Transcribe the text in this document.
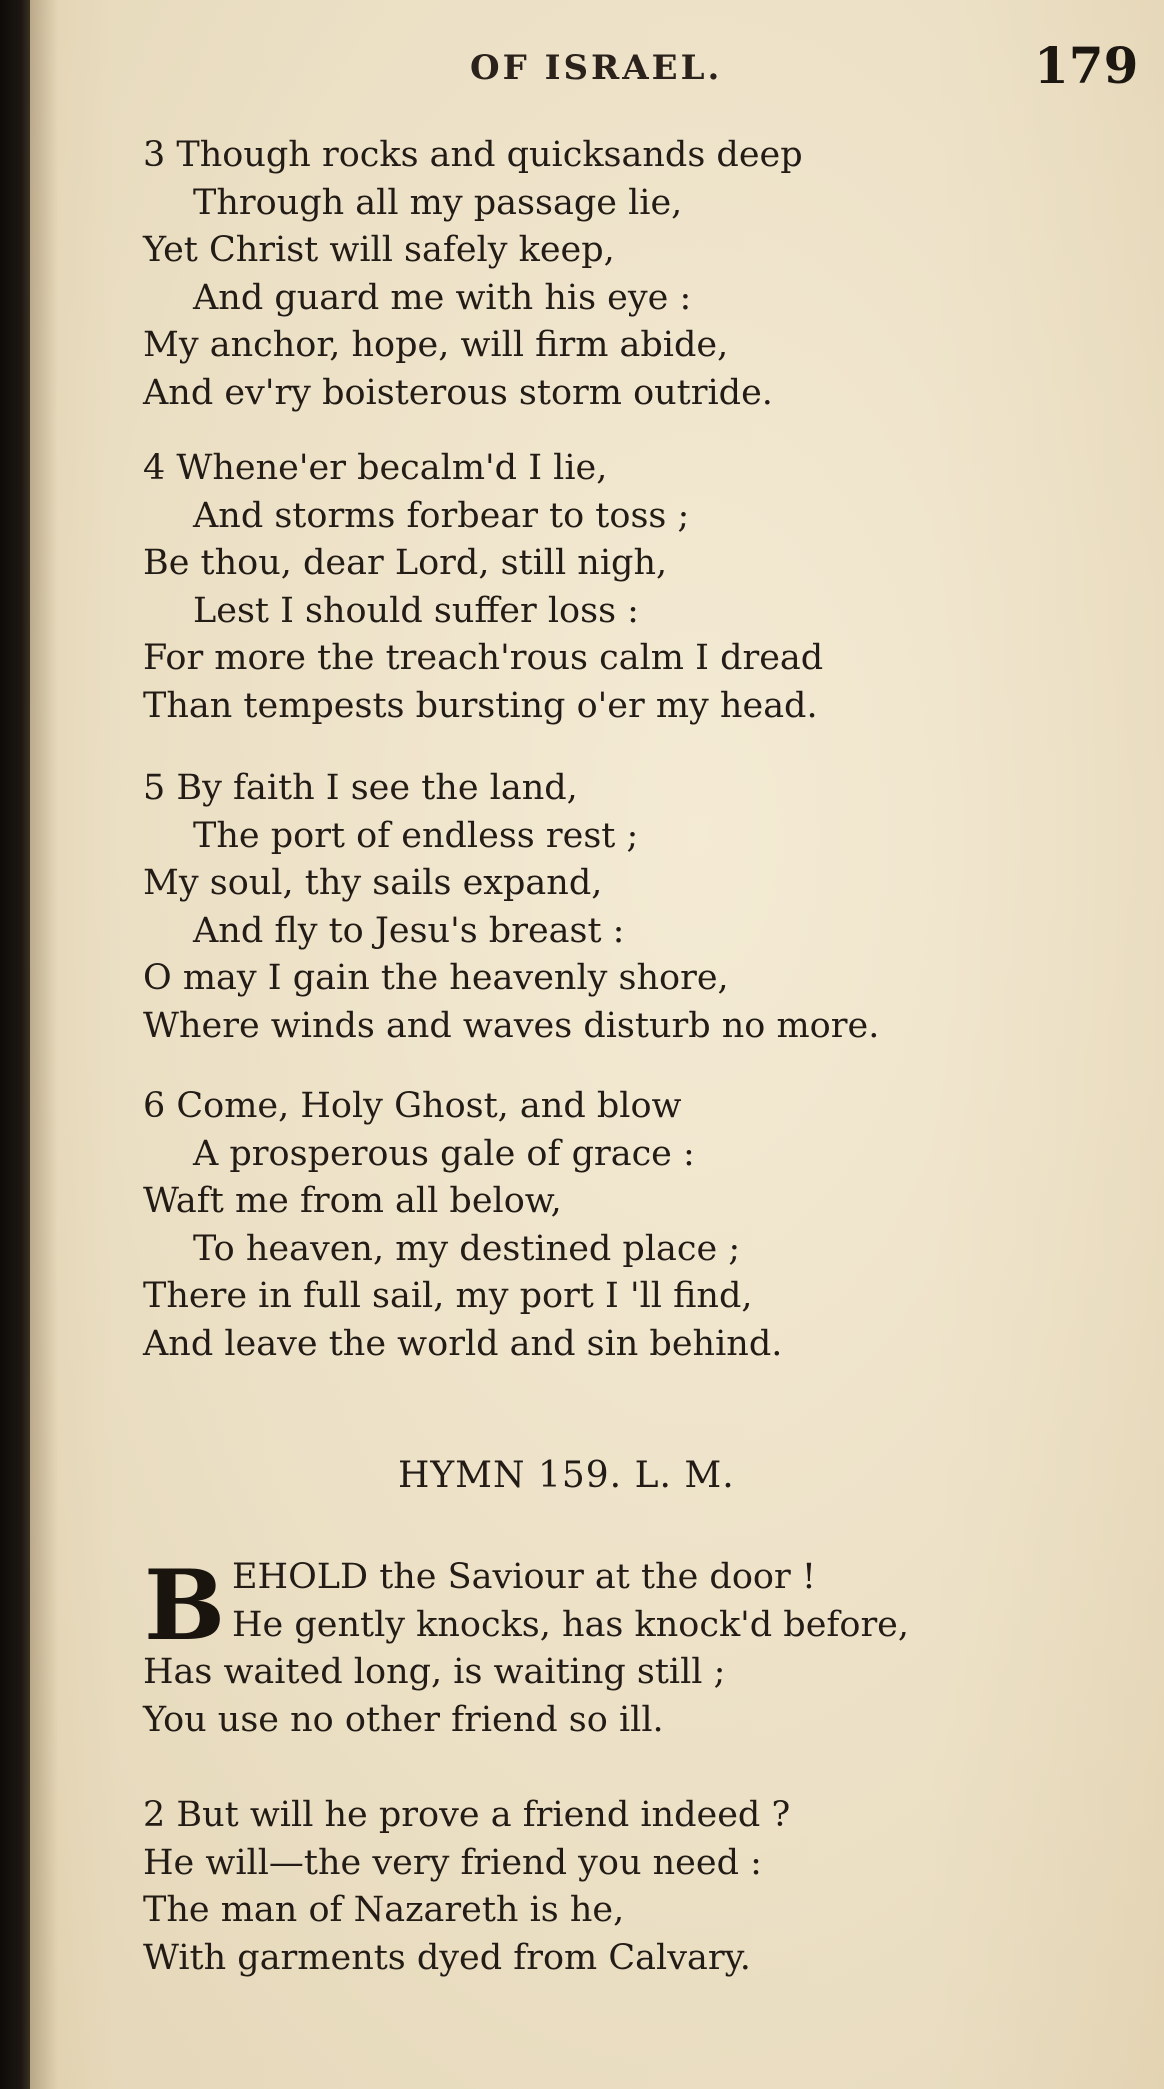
OF ISRAEL.	179
3 Though rocks and quicksands deep
Through all my passage lie,
Yet Christ will safely keep,
And guard me with his eye :
My anchor, hope, will firm abide,
And ev'ry boisterous storm outride.
4 Whene'er becalm'd I lie,
And storms forbear to toss ;
Be thou, dear Lord, still nigh,
Lest I should suffer loss :
For more the treach'rous calm I dread
Than tempests bursting o'er my head.
5 By faith I see the land,
The port of endless rest ;
My soul, thy sails expand,
And fly to Jesu's breast :
O may I gain the heavenly shore,
Where winds and waves disturb no more.
6 Come, Holy Ghost, and blow
A prosperous gale of grace :
Waft me from all below,
To heaven, my destined place ;
There in full sail, my port I 'll find,
And leave the world and sin behind.
HYMN 159. L. M.
B EHOLD the Saviour at the door !
He gently knocks, has knock'd before,
Has waited long, is waiting still ;
You use no other friend so ill.
2 But will he prove a friend indeed ?
He will—the very friend you need :
The man of Nazareth is he,
With garments dyed from Calvary.
